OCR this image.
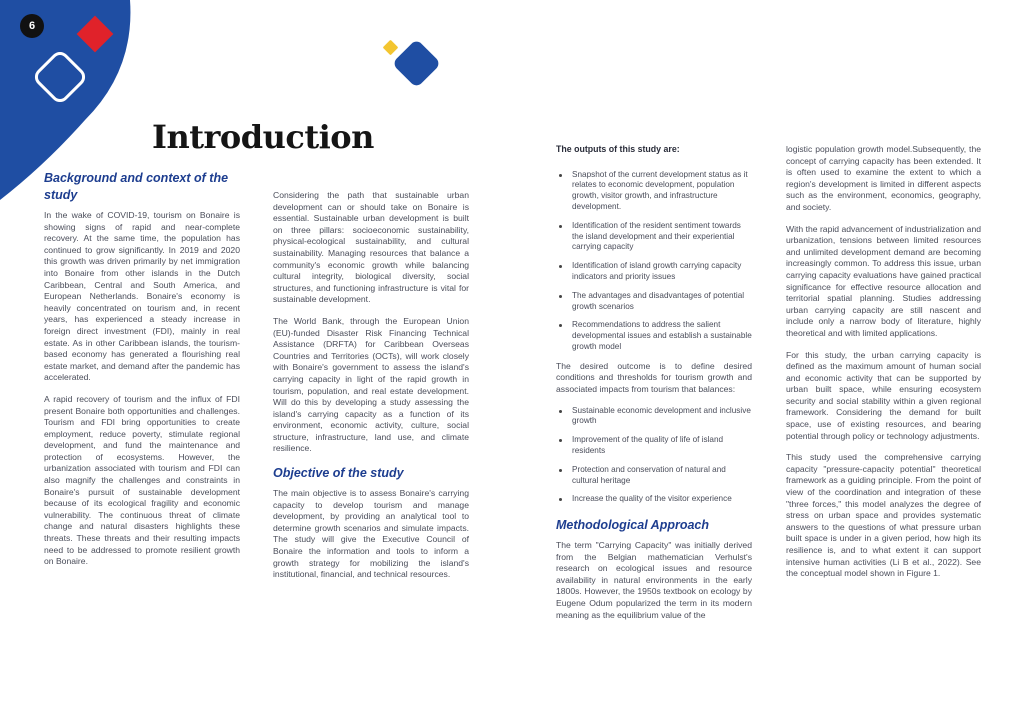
6
Introduction
Background and context of the study

In the wake of COVID-19, tourism on Bonaire is showing signs of rapid and near-complete recovery. At the same time, the population has continued to grow significantly. In 2019 and 2020 this growth was driven primarily by net immigration into Bonaire from other islands in the Dutch Caribbean, Central and South America, and European Netherlands. Bonaire's economy is heavily concentrated on tourism and, in recent years, has experienced a steady increase in foreign direct investment (FDI), mainly in real estate. As in other Caribbean islands, the tourism-based economy has generated a flourishing real estate market, and demand after the pandemic has accelerated.

A rapid recovery of tourism and the influx of FDI present Bonaire both opportunities and challenges. Tourism and FDI bring opportunities to create employment, reduce poverty, stimulate regional development, and fund the maintenance and protection of ecosystems. However, the urbanization associated with tourism and FDI can also magnify the challenges and constraints in Bonaire's pursuit of sustainable development because of its ecological fragility and economic vulnerability. The continuous threat of climate change and natural disasters highlights these threats. These threats and their resulting impacts need to be addressed to promote resilient growth on Bonaire.

Considering the path that sustainable urban development can or should take on Bonaire is essential. Sustainable urban development is built on three pillars: socioeconomic sustainability, physical-ecological sustainability, and cultural sustainability. Managing resources that balance a community's economic growth while balancing cultural integrity, biological diversity, social structures, and functioning infrastructure is vital for sustainable development.

The World Bank, through the European Union (EU)-funded Disaster Risk Financing Technical Assistance (DRFTA) for Caribbean Overseas Countries and Territories (OCTs), will work closely with Bonaire's government to assess the island's carrying capacity in light of the rapid growth in tourism, population, and real estate development. Will do this by developing a study assessing the island's carrying capacity as a function of its environment, economic activity, culture, social structure, infrastructure, land use, and climate resilience.

Objective of the study

The main objective is to assess Bonaire's carrying capacity to develop tourism and manage development, by providing an analytical tool to determine growth scenarios and simulate impacts. The study will give the Executive Council of Bonaire the information and tools to inform a growth strategy for mobilizing the island's institutional, financial, and technical resources.

The outputs of this study are:
Snapshot of the current development status as it relates to economic development, population growth, visitor growth, and infrastructure development.
Identification of the resident sentiment towards the island development and their experiential carrying capacity
Identification of island growth carrying capacity indicators and priority issues
The advantages and disadvantages of potential growth scenarios
Recommendations to address the salient developmental issues and establish a sustainable growth model

The desired outcome is to define desired conditions and thresholds for tourism growth and associated impacts from tourism that balances:

Sustainable economic development and inclusive growth
Improvement of the quality of life of island residents
Protection and conservation of natural and cultural heritage
Increase the quality of the visitor experience
Methodological Approach

The term "Carrying Capacity" was initially derived from the Belgian mathematician Verhulst's research on ecological issues and resource availability in natural environments in the early 1800s. However, the 1950s textbook on ecology by Eugene Odum popularized the term in its modern meaning as the equilibrium value of the

logistic population growth model.Subsequently, the concept of carrying capacity has been extended. It is often used to examine the extent to which a region's development is limited in different aspects such as the environment, economics, geography, and society.

With the rapid advancement of industrialization and urbanization, tensions between limited resources and unlimited development demand are becoming increasingly common. To address this issue, urban carrying capacity evaluations have gained practical significance for effective resource allocation and territorial spatial planning. Studies addressing urban carrying capacity are still nascent and include only a narrow body of literature, highly theoretical and with limited applications.

For this study, the urban carrying capacity is defined as the maximum amount of human social and economic activity that can be supported by urban built space, while ensuring ecosystem security and social stability within a given regional framework. Considering the demand for built space, use of existing resources, and bearing potential through policy or technology adjustments.

This study used the comprehensive carrying capacity "pressure-capacity potential" theoretical framework as a guiding principle. From the point of view of the coordination and integration of these "three forces," this model analyzes the degree of stress on urban space and provides systematic answers to the questions of what pressure urban built space is under in a given period, how high its resilience is, and to what extent it can support intensive human activities (Li B et al., 2022). See the conceptual model shown in Figure 1.
